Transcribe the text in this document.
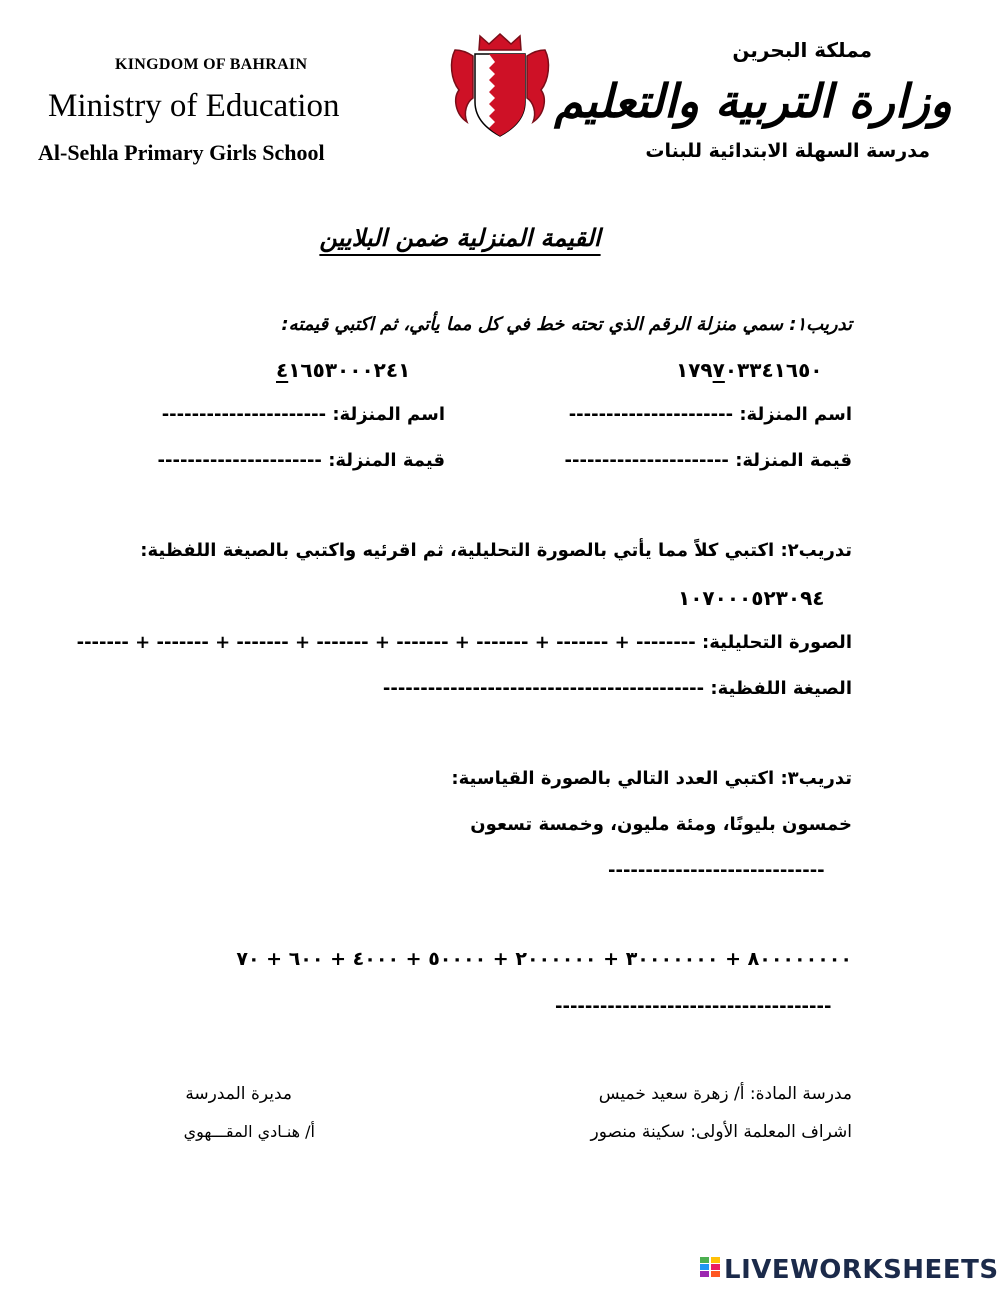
KINGDOM OF BAHRAIN
Ministry of Education
Al-Sehla Primary Girls School
مملكة البحرين
وزارة التربية والتعليم
مدرسة السهلة الابتدائية للبنات
القيمة المنزلية ضمن البلايين
تدريب١: سمي منزلة الرقم الذي تحته خط في كل مما يأتي، ثم اكتبي قيمته:
١٧٩٧٠٣٣٤١٦٥٠
٤١٦٥٣٠٠٠٢٤١
اسم المنزلة: ----------------------
اسم المنزلة: ----------------------
قيمة المنزلة: ----------------------
قيمة المنزلة: ----------------------
تدريب٢: اكتبي كلاً مما يأتي بالصورة التحليلية، ثم اقرئيه واكتبي بالصيغة اللفظية:
١٠٧٠٠٠٥٢٣٠٩٤
الصورة التحليلية: ------- + ------- + ------- + ------- + ------- + ------- + ------- + --------
الصيغة اللفظية: -------------------------------------------
تدريب٣: اكتبي العدد التالي بالصورة القياسية:
خمسون بليونًا، ومئة مليون، وخمسة تسعون
-----------------------------
٨٠٠٠٠٠٠٠٠ + ٣٠٠٠٠٠٠٠ + ٢٠٠٠٠٠٠ + ٥٠٠٠٠ + ٤٠٠٠ + ٦٠٠ + ٧٠
-------------------------------------
مدرسة المادة: أ/ زهرة سعيد خميس
اشراف المعلمة الأولى: سكينة منصور
مديرة المدرسة
أ/ هنـادي المقـــهوي
LIVEWORKSHEETS
